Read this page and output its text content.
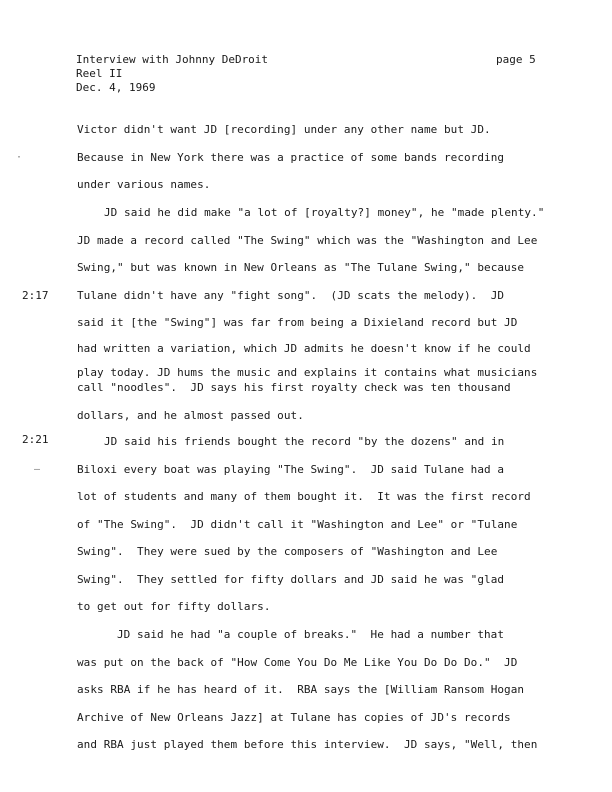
Interview with Johnny DeDroit
Reel II
Dec. 4, 1969
page 5
·
–
2:17
2:21
Victor didn't want JD [recording] under any other name but JD.
Because in New York there was a practice of some bands recording
under various names.
JD said he did make "a lot of [royalty?] money", he "made plenty."
JD made a record called "The Swing" which was the "Washington and Lee
Swing," but was known in New Orleans as "The Tulane Swing," because
Tulane didn't have any "fight song".  (JD scats the melody).  JD
said it [the "Swing"] was far from being a Dixieland record but JD
had written a variation, which JD admits he doesn't know if he could
play today. JD hums the music and explains it contains what musicians
call "noodles".  JD says his first royalty check was ten thousand
dollars, and he almost passed out.
JD said his friends bought the record "by the dozens" and in
Biloxi every boat was playing "The Swing".  JD said Tulane had a
lot of students and many of them bought it.  It was the first record
of "The Swing".  JD didn't call it "Washington and Lee" or "Tulane
Swing".  They were sued by the composers of "Washington and Lee
Swing".  They settled for fifty dollars and JD said he was "glad
to get out for fifty dollars.
JD said he had "a couple of breaks."  He had a number that
was put on the back of "How Come You Do Me Like You Do Do Do."  JD
asks RBA if he has heard of it.  RBA says the [William Ransom Hogan
Archive of New Orleans Jazz] at Tulane has copies of JD's records
and RBA just played them before this interview.  JD says, "Well, then
